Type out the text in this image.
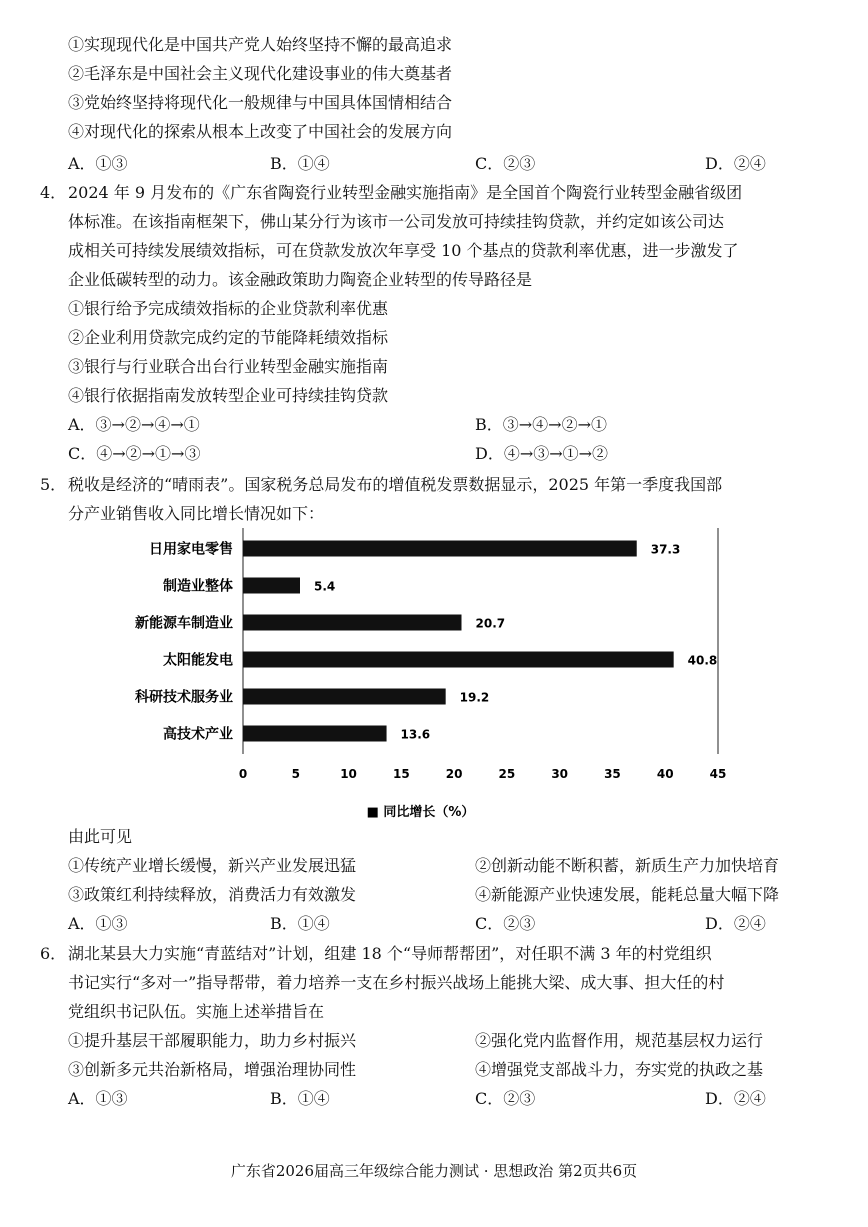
①实现现代化是中国共产党人始终坚持不懈的最高追求
②毛泽东是中国社会主义现代化建设事业的伟大奠基者
③党始终坚持将现代化一般规律与中国具体国情相结合
④对现代化的探索从根本上改变了中国社会的发展方向
A．①③	B．①④	C．②③	D．②④
4． 2024 年 9 月发布的《广东省陶瓷行业转型金融实施指南》是全国首个陶瓷行业转型金融省级团
体标准。在该指南框架下，佛山某分行为该市一公司发放可持续挂钩贷款，并约定如该公司达
成相关可持续发展绩效指标，可在贷款发放次年享受 10 个基点的贷款利率优惠，进一步激发了
企业低碳转型的动力。该金融政策助力陶瓷企业转型的传导路径是
①银行给予完成绩效指标的企业贷款利率优惠
②企业利用贷款完成约定的节能降耗绩效指标
③银行与行业联合出台行业转型金融实施指南
④银行依据指南发放转型企业可持续挂钩贷款
A．③→②→④→①	B．③→④→②→①
C．④→②→①→③	D．④→③→①→②
5． 税收是经济的“晴雨表”。国家税务总局发布的增值税发票数据显示，2025 年第一季度我国部
分产业销售收入同比增长情况如下：
日用家电零售	37.3
制造业整体	5.4
新能源车制造业	20.7
太阳能发电	40.8
科研技术服务业	19.2
高技术产业	13.6
0	5	10	15	20	25	30	35	40	45
■ 同比增长（%）
由此可见
①传统产业增长缓慢，新兴产业发展迅猛	②创新动能不断积蓄，新质生产力加快培育
③政策红利持续释放，消费活力有效激发	④新能源产业快速发展，能耗总量大幅下降
A．①③	B．①④	C．②③	D．②④
6． 湖北某县大力实施“青蓝结对”计划，组建 18 个“导师帮帮团”，对任职不满 3 年的村党组织
书记实行“多对一”指导帮带，着力培养一支在乡村振兴战场上能挑大梁、成大事、担大任的村
党组织书记队伍。实施上述举措旨在
①提升基层干部履职能力，助力乡村振兴	②强化党内监督作用，规范基层权力运行
③创新多元共治新格局，增强治理协同性	④增强党支部战斗力，夯实党的执政之基
A．①③	B．①④	C．②③	D．②④
广东省2026届高三年级综合能力测试 · 思想政治 第2页共6页
